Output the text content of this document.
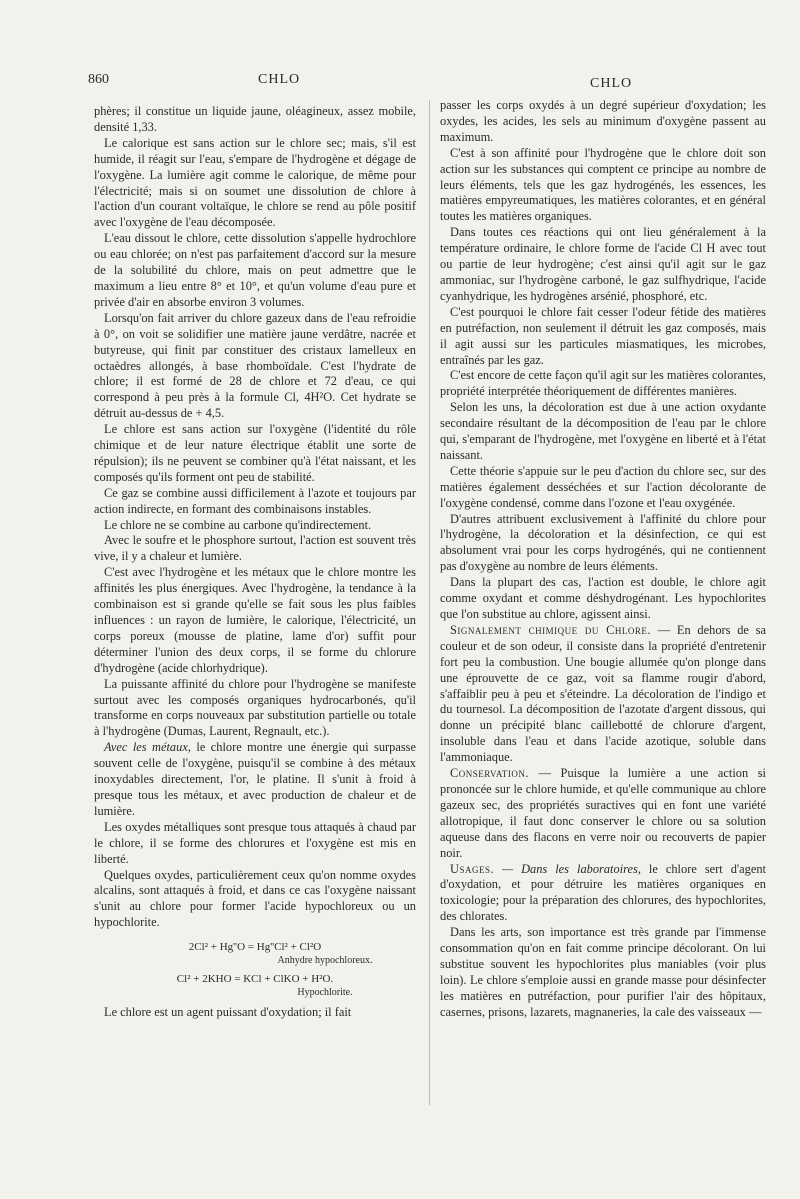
860	CHLO	CHLO

phères; il constitue un liquide jaune, oléagineux, assez mobile, densité 1,33.

Le calorique est sans action sur le chlore sec; mais, s'il est humide, il réagit sur l'eau, s'empare de l'hydrogène et dégage de l'oxygène. La lumière agit comme le calorique, de même pour l'électricité; mais si on soumet une dissolution de chlore à l'action d'un courant voltaïque, le chlore se rend au pôle positif avec l'oxygène de l'eau décomposée.

L'eau dissout le chlore, cette dissolution s'appelle hydrochlore ou eau chlorée; on n'est pas parfaitement d'accord sur la mesure de la solubilité du chlore, mais on peut admettre que le maximum a lieu entre 8° et 10°, et qu'un volume d'eau pure et privée d'air en absorbe environ 3 volumes.

Lorsqu'on fait arriver du chlore gazeux dans de l'eau refroidie à 0°, on voit se solidifier une matière jaune verdâtre, nacrée et butyreuse, qui finit par constituer des cristaux lamelleux en octaèdres allongés, à base rhomboïdale. C'est l'hydrate de chlore; il est formé de 28 de chlore et 72 d'eau, ce qui correspond à peu près à la formule Cl, 4H²O. Cet hydrate se détruit au-dessus de + 4,5.

Le chlore est sans action sur l'oxygène (l'identité du rôle chimique et de leur nature électrique établit une sorte de répulsion); ils ne peuvent se combiner qu'à l'état naissant, et les composés qu'ils forment ont peu de stabilité.

Ce gaz se combine aussi difficilement à l'azote et toujours par action indirecte, en formant des combinaisons instables.

Le chlore ne se combine au carbone qu'indirectement.

Avec le soufre et le phosphore surtout, l'action est souvent très vive, il y a chaleur et lumière.

C'est avec l'hydrogène et les métaux que le chlore montre les affinités les plus énergiques. Avec l'hydrogène, la tendance à la combinaison est si grande qu'elle se fait sous les plus faibles influences : un rayon de lumière, le calorique, l'électricité, un corps poreux (mousse de platine, lame d'or) suffit pour déterminer l'union des deux corps, il se forme du chlorure d'hydrogène (acide chlorhydrique).

La puissante affinité du chlore pour l'hydrogène se manifeste surtout avec les composés organiques hydrocarbonés, qu'il transforme en corps nouveaux par substitution partielle ou totale à l'hydrogène (Dumas, Laurent, Regnault, etc.).

Avec les métaux, le chlore montre une énergie qui surpasse souvent celle de l'oxygène, puisqu'il se combine à des métaux inoxydables directement, l'or, le platine. Il s'unit à froid à presque tous les métaux, et avec production de chaleur et de lumière.

Les oxydes métalliques sont presque tous attaqués à chaud par le chlore, il se forme des chlorures et l'oxygène est mis en liberté.

Quelques oxydes, particulièrement ceux qu'on nomme oxydes alcalins, sont attaqués à froid, et dans ce cas l'oxygène naissant s'unit au chlore pour former l'acide hypochloreux ou un hypochlorite.

2Cl² + Hg''O = Hg''Cl² + Cl²O
Anhydre hypochloreux.
Cl² + 2KHO = KCl + ClKO + H²O.
Hypochlorite.

Le chlore est un agent puissant d'oxydation; il fait

passer les corps oxydés à un degré supérieur d'oxydation; les oxydes, les acides, les sels au minimum d'oxygène passent au maximum.

C'est à son affinité pour l'hydrogène que le chlore doit son action sur les substances qui comptent ce principe au nombre de leurs éléments, tels que les gaz hydrogénés, les essences, les matières empyreumatiques, les matières colorantes, et en général toutes les matières organiques.

Dans toutes ces réactions qui ont lieu généralement à la température ordinaire, le chlore forme de l'acide Cl H avec tout ou partie de leur hydrogène; c'est ainsi qu'il agit sur le gaz ammoniac, sur l'hydrogène carboné, le gaz sulfhydrique, l'acide cyanhydrique, les hydrogènes arsénié, phosphoré, etc.

C'est pourquoi le chlore fait cesser l'odeur fétide des matières en putréfaction, non seulement il détruit les gaz composés, mais il agit aussi sur les particules miasmatiques, les microbes, entraînés par les gaz.

C'est encore de cette façon qu'il agit sur les matières colorantes, propriété interprétée théoriquement de différentes manières.

Selon les uns, la décoloration est due à une action oxydante secondaire résultant de la décomposition de l'eau par le chlore qui, s'emparant de l'hydrogène, met l'oxygène en liberté et à l'état naissant.

Cette théorie s'appuie sur le peu d'action du chlore sec, sur des matières également desséchées et sur l'action décolorante de l'oxygène condensé, comme dans l'ozone et l'eau oxygénée.

D'autres attribuent exclusivement à l'affinité du chlore pour l'hydrogène, la décoloration et la désinfection, ce qui est absolument vrai pour les corps hydrogénés, qui ne contiennent pas d'oxygène au nombre de leurs éléments.

Dans la plupart des cas, l'action est double, le chlore agit comme oxydant et comme déshydrogénant. Les hypochlorites que l'on substitue au chlore, agissent ainsi.

Signalement chimique du Chlore. — En dehors de sa couleur et de son odeur, il consiste dans la propriété d'entretenir fort peu la combustion. Une bougie allumée qu'on plonge dans une éprouvette de ce gaz, voit sa flamme rougir d'abord, s'affaiblir peu à peu et s'éteindre. La décoloration de l'indigo et du tournesol. La décomposition de l'azotate d'argent dissous, qui donne un précipité blanc caillebotté de chlorure d'argent, insoluble dans l'eau et dans l'acide azotique, soluble dans l'ammoniaque.

Conservation. — Puisque la lumière a une action si prononcée sur le chlore humide, et qu'elle communique au chlore gazeux sec, des propriétés suractives qui en font une variété allotropique, il faut donc conserver le chlore ou sa solution aqueuse dans des flacons en verre noir ou recouverts de papier noir.

Usages. — Dans les laboratoires, le chlore sert d'agent d'oxydation, et pour détruire les matières organiques en toxicologie; pour la préparation des chlorures, des hypochlorites, des chlorates.

Dans les arts, son importance est très grande par l'immense consommation qu'on en fait comme principe décolorant. On lui substitue souvent les hypochlorites plus maniables (voir plus loin). Le chlore s'emploie aussi en grande masse pour désinfecter les matières en putréfaction, pour purifier l'air des hôpitaux, casernes, prisons, lazarets, magnaneries, la cale des vaisseaux —
